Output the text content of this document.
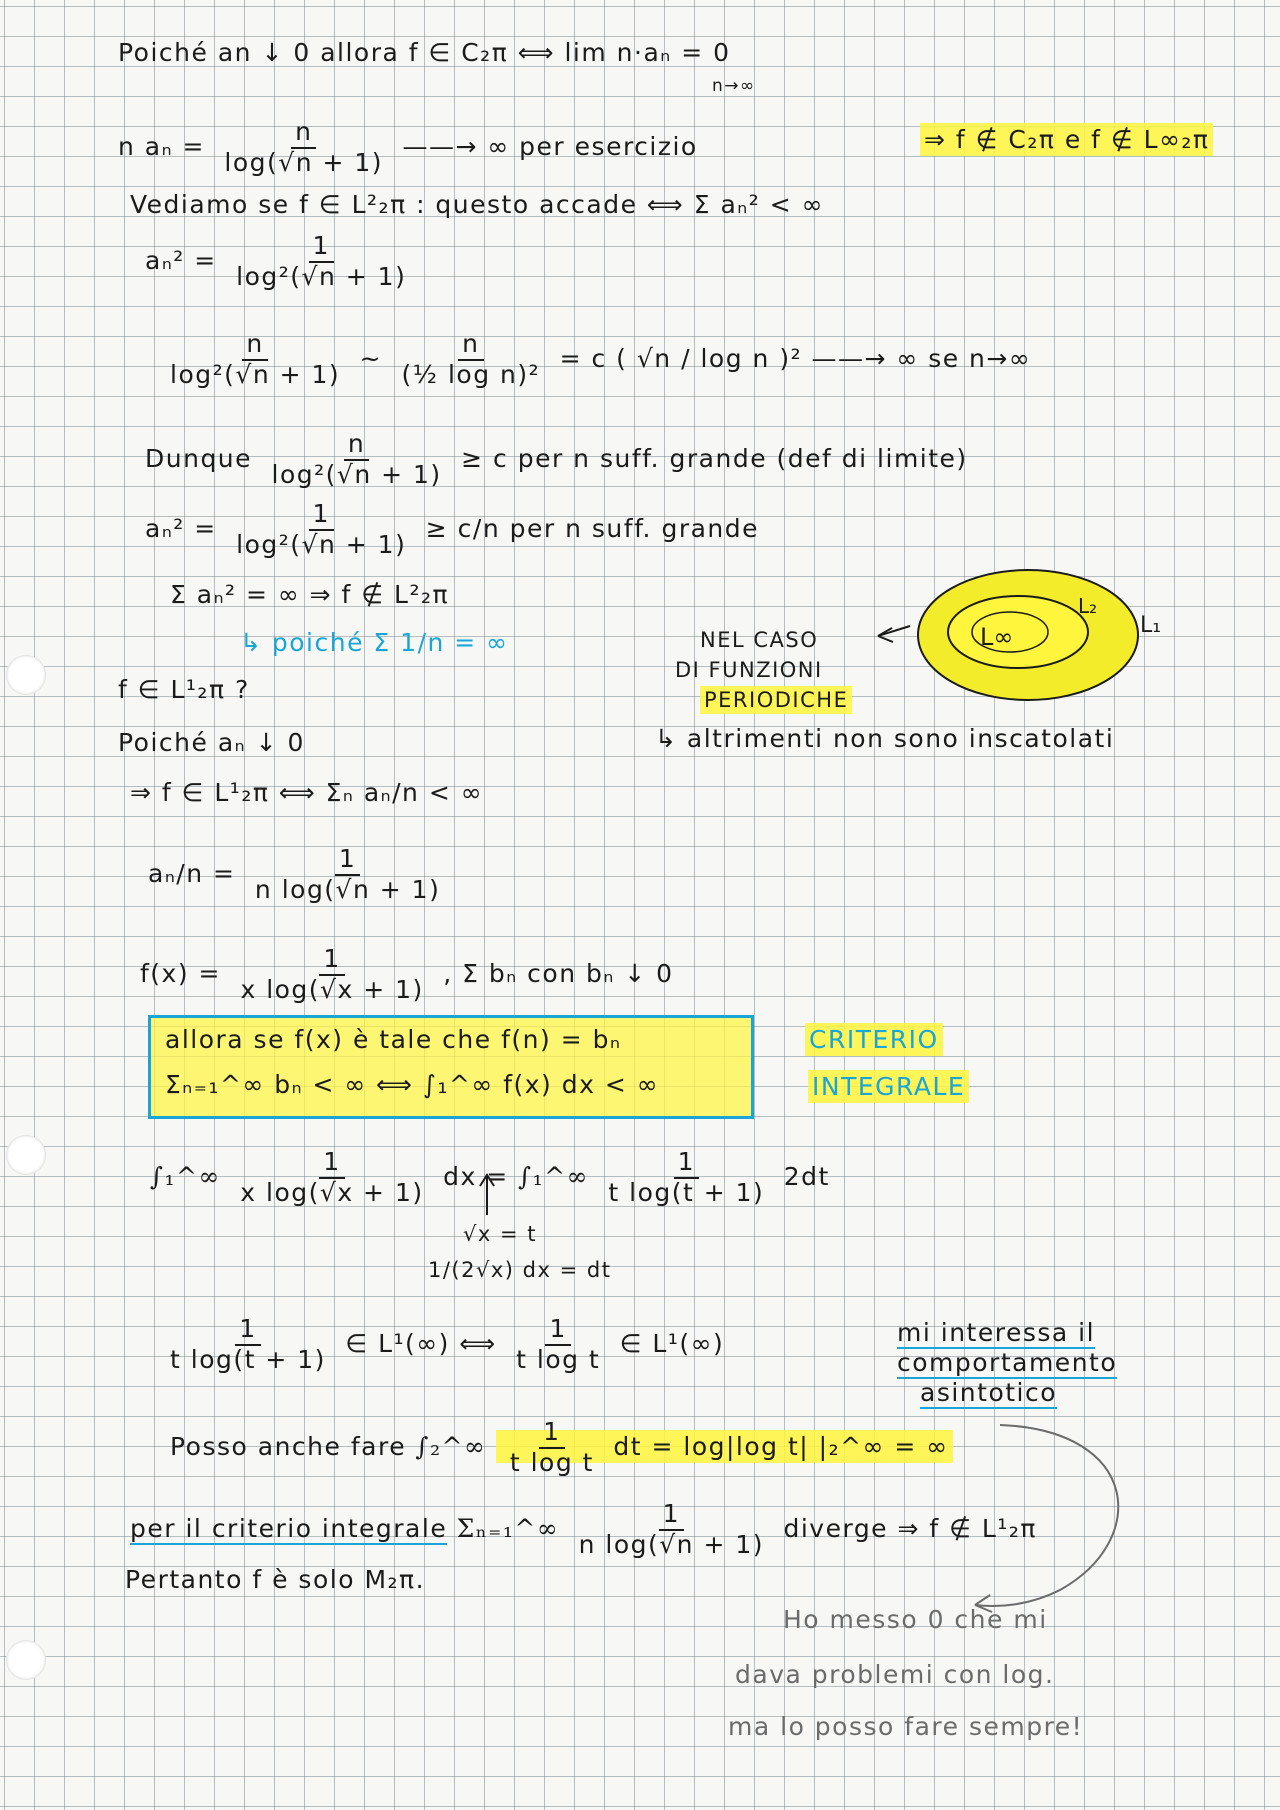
Poiché an ↓ 0 allora f ∈ C₂π ⟺ lim n·aₙ = 0
n→∞
n $a_n = \frac{n}{\log(√n + 1)}$ ——→ ∞ per esercizio	⇒ f ∉ C₂π e f ∉ L∞₂π
Vediamo se f ∈ L²₂π : questo accade ⟺ Σ aₙ² < ∞
$a_n^2 = \frac{1}{\text{log²(√n + 1)}}$
$\frac{n}{\text{log²(√n + 1)}}$ ~ $\frac{n}{\text{(½ log n)²}} = c$ ( √n / log n )² ——→ ∞ se n→∞
Dunque $\frac{n}{\text{log²(√n + 1)}} \ge c$ per n suff. grande (def di limite)
$a_n^2 = \frac{1}{\text{log²(√n + 1)}} \ge c/n$ per n suff. grande
Σ aₙ² = ∞ ⇒ f ∉ L²₂π
↳ poiché Σ 1/n = ∞	NEL CASO
DI FUNZIONI
PERIODICHE
↳ altrimenti non sono inscatolati
f ∈ L¹₂π ?
Poiché aₙ ↓ 0
⇒ f ∈ L¹₂π ⟺ Σₙ aₙ/n < ∞
$a_n/n = \frac{1}{\text{n log(√n + 1)}}$
$f(x) = \frac{1}{\text{x log(√x + 1)}}$ , Σ bₙ con bₙ ↓ 0
allora se f(x) è tale che f(n) = bₙ
Σₙ₌₁^∞ bₙ < ∞ ⟺ ∫₁^∞ f(x) dx < ∞
CRITERIO
INTEGRALE
∫₁^∞ $\frac{1}{\text{x log(√x + 1)}}$ dx = ∫₁^∞ $\frac{1}{\text{t log(t + 1)}} 2dt$
√x = t
1/(2√x) dx = dt
$\frac{1}{\text{t log(t + 1)}}$ ∈ L¹(∞) ⟺ $\frac{1}{\text{t log t}}$ ∈ L¹(∞)	mi interessa il
comportamento
asintotico
Posso anche fare ∫₂^∞ $\frac{1}{\text{t log t}}$ dt = log|log t| |₂^∞ = ∞
per il criterio integrale Σₙ₌₁^∞ $\frac{1}{\text{n log(√n + 1)}}$ diverge ⇒ f ∉ L¹₂π
Pertanto f è solo M₂π.
Ho messo 0 che mi
dava problemi con log.
ma lo posso fare sempre!
L∞
L₂
L₁
